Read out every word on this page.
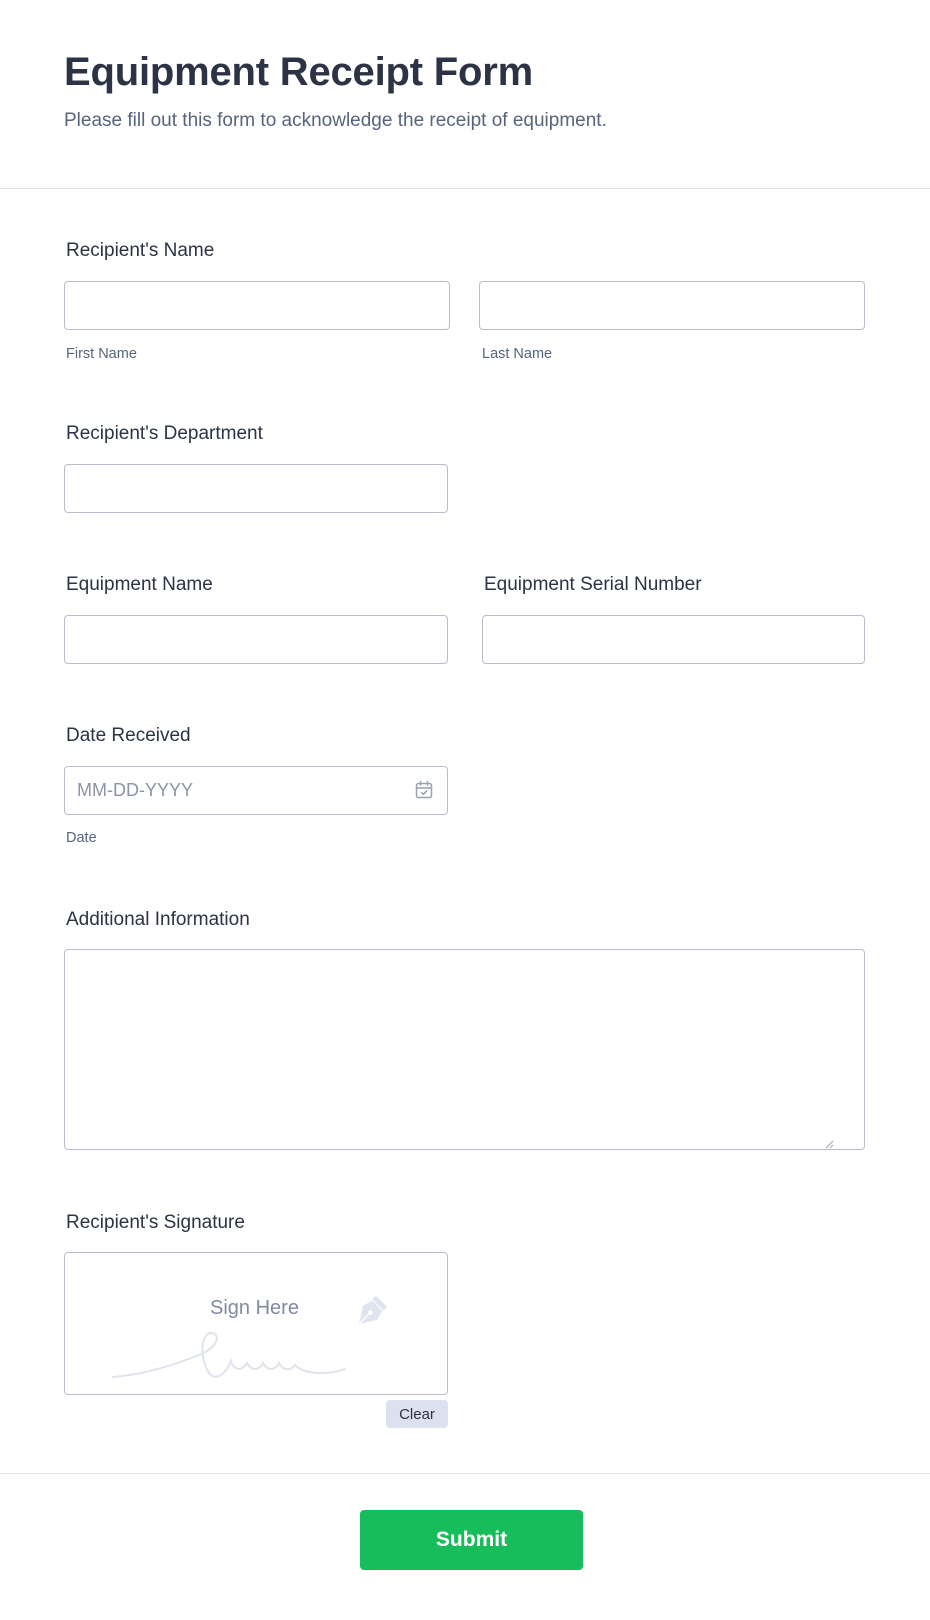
Equipment Receipt Form

Please fill out this form to acknowledge the receipt of equipment.

Recipient's Name
First Name	Last Name
Recipient's Department
Equipment Name	Equipment Serial Number
Date Received
MM-DD-YYYY
Date
Additional Information
Recipient's Signature
Sign Here
Clear
Submit
